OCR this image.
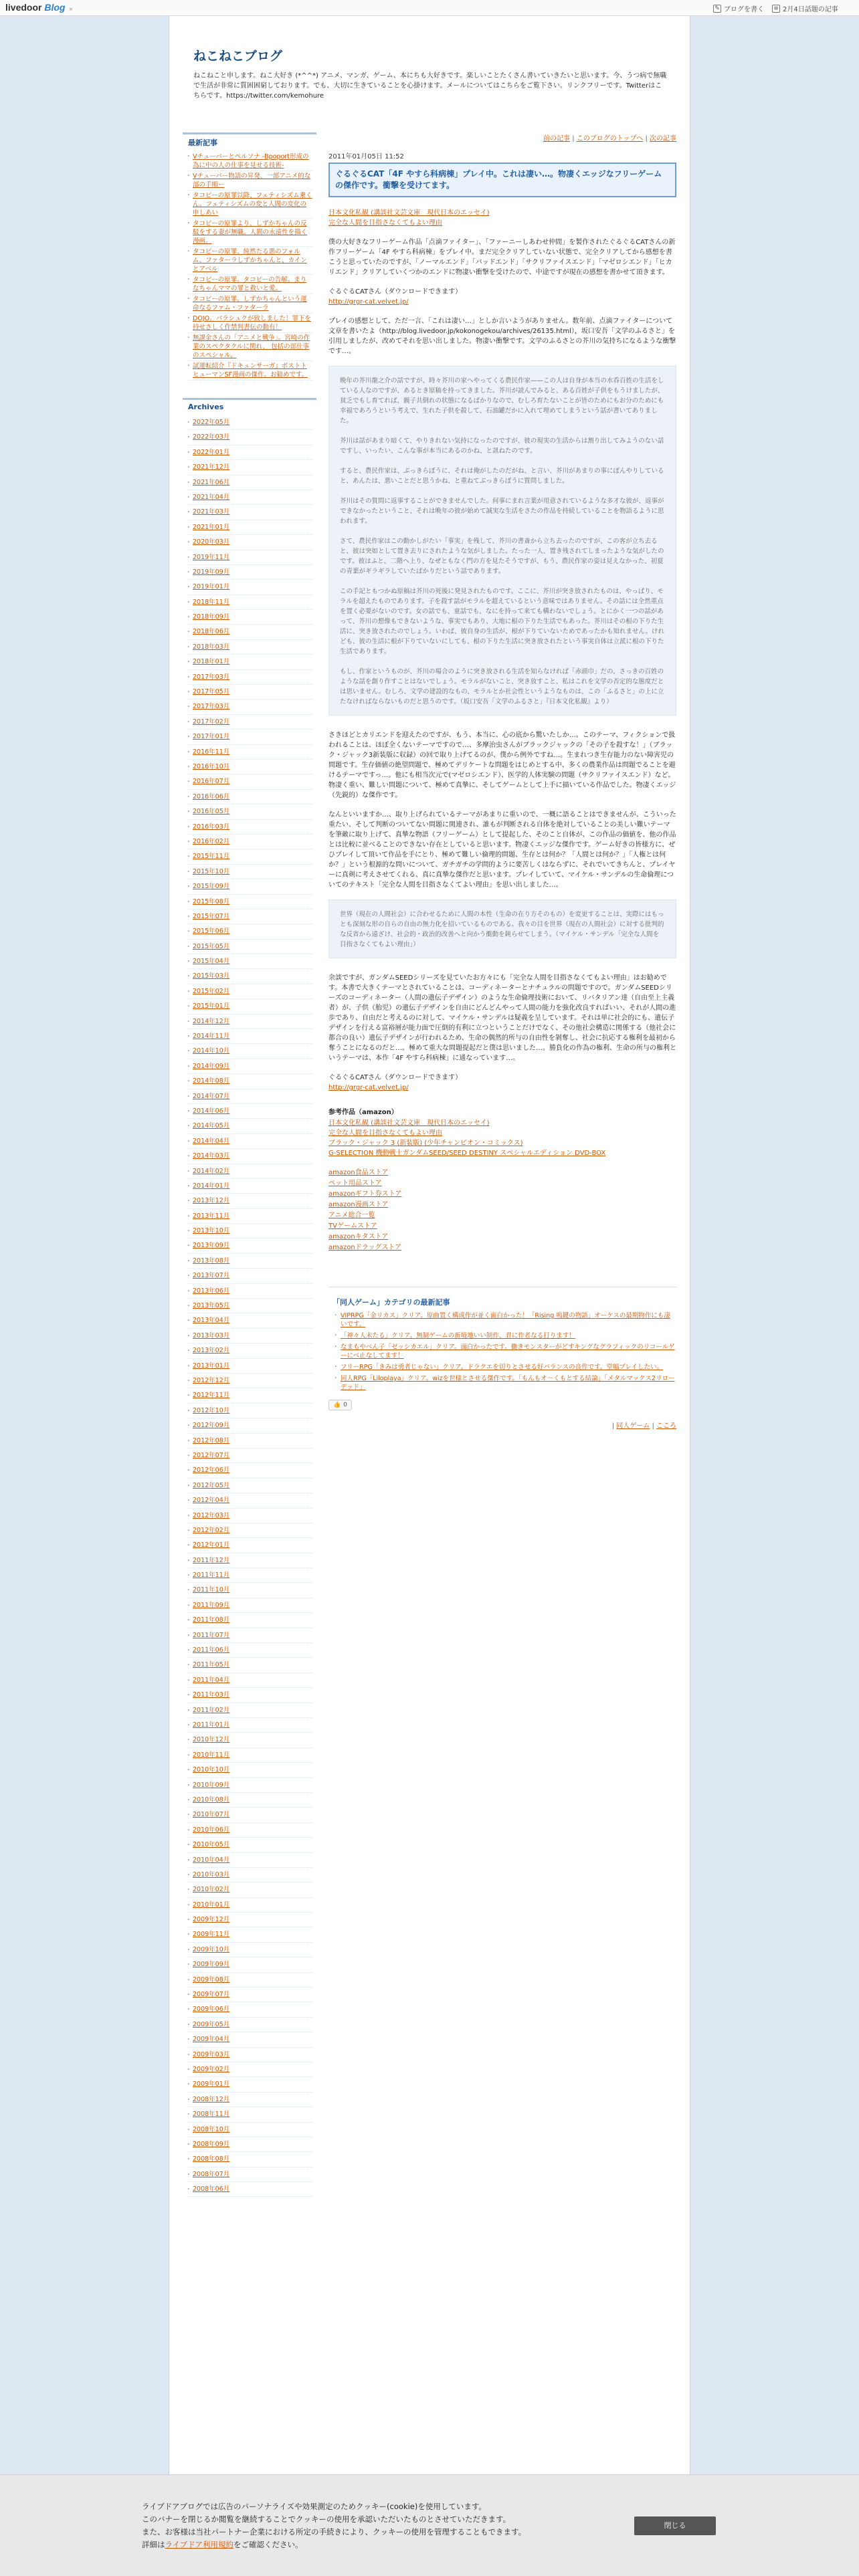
livedoor Blog »	✎ ブログを書く ≡ 2月4日話題の記事
ねこねこブログ
ねこねこと申します。ねこ大好き (*^^*) アニメ、マンガ、ゲーム、本にちも大好きです。楽しいことたくさん書いていきたいと思います。今、うつ病で無職で生活が非常に質困困窮しております。でも、大切に生きていることを心掛けます。メールについてはこちらをご覧下さい。リンクフリーです。Twitterはこちらです。https://twitter.com/kemohure
最新記事
・ Vチューバーとペルソナ -Bpoport形成の為に中の人の仕事を見せる技術-
・ Vチューバー物語の昇発、一部アニメ的な部の手順ー
・ タコピーの原罪以降、フェティシズム乗くん。フェティシズムの変と人間の変化の申しあい
・ タコピーの原罪より、しずかちゃんの反駁をする妻が無職。人間の永遠性を描く漫画。
・ タコピーの原罪、純然たる悪のフォルム、ファターラしずかちゃんと、カイン とアベル
・ タコピーの原罪。タコピーの告解。まりなちゃんママの罪と救いと愛。
・ タコピーの原罪。しずかちゃんという運命なるファム・ファターラ
・ DOJO。パラシュクが致しました！罪下を持せさしく作禁判書伝の動有！
・ 無課金さんの「アニメと戦争」。宮崎の作業のスペクタクルに関れ、 包括の部仕事のスペシャル。
・ 試運転紹介『ドキュンサーガ』ボストトヒューマンSF漫画の傑作。お勧めです。
Archives
・ 2022年05月
・ 2022年03月
・ 2022年01月
・ 2021年12月
・ 2021年06月
・ 2021年04月
・ 2021年03月
・ 2021年01月
・ 2020年03月
・ 2019年11月
・ 2019年09月
・ 2019年01月
・ 2018年11月
・ 2018年09月
・ 2018年06月
・ 2018年03月
・ 2018年01月
・ 2017年03月
・ 2017年05月
・ 2017年03月
・ 2017年02月
・ 2017年01月
・ 2016年11月
・ 2016年10月
・ 2016年07月
・ 2016年06月
・ 2016年05月
・ 2016年03月
・ 2016年02月
・ 2015年11月
・ 2015年10月
・ 2015年09月
・ 2015年08月
・ 2015年07月
・ 2015年06月
・ 2015年05月
・ 2015年04月
・ 2015年03月
・ 2015年02月
・ 2015年01月
・ 2014年12月
・ 2014年11月
・ 2014年10月
・ 2014年09月
・ 2014年08月
・ 2014年07月
・ 2014年06月
・ 2014年05月
・ 2014年04月
・ 2014年03月
・ 2014年02月
・ 2014年01月
・ 2013年12月
・ 2013年11月
・ 2013年10月
・ 2013年09月
・ 2013年08月
・ 2013年07月
・ 2013年06月
・ 2013年05月
・ 2013年04月
・ 2013年03月
・ 2013年02月
・ 2013年01月
・ 2012年12月
・ 2012年11月
・ 2012年10月
・ 2012年09月
・ 2012年08月
・ 2012年07月
・ 2012年06月
・ 2012年05月
・ 2012年04月
・ 2012年03月
・ 2012年02月
・ 2012年01月
・ 2011年12月
・ 2011年11月
・ 2011年10月
・ 2011年09月
・ 2011年08月
・ 2011年07月
・ 2011年06月
・ 2011年05月
・ 2011年04月
・ 2011年03月
・ 2011年02月
・ 2011年01月
・ 2010年12月
・ 2010年11月
・ 2010年10月
・ 2010年09月
・ 2010年08月
・ 2010年07月
・ 2010年06月
・ 2010年05月
・ 2010年04月
・ 2010年03月
・ 2010年02月
・ 2010年01月
・ 2009年12月
・ 2009年11月
・ 2009年10月
・ 2009年09月
・ 2009年08月
・ 2009年07月
・ 2009年06月
・ 2009年05月
・ 2009年04月
・ 2009年03月
・ 2009年02月
・ 2009年01月
・ 2008年12月
・ 2008年11月
・ 2008年10月
・ 2008年09月
・ 2008年08月
・ 2008年07月
・ 2008年06月
前の記事 | このブログのトップへ | 次の記事
2011年01月05日 11:52
ぐるぐるCAT「4F やすら科病棟」プレイ中。これは凄い…。物凄くエッジなフリーゲームの傑作です。衝撃を受けてます。
日本文化私観 (講談社文芸文庫　現代日本のエッセイ)
完全な人間を目指さなくてもよい理由

僕の大好きなフリーゲーム作品「点滴ファイター」、「ファーニーしあわせ仲間」を製作されたぐるぐるCATさんの新作フリーゲーム「4F やすら科病棟」をプレイ中。まだ完全クリアしていない状態で、完全クリアしてから感想を書こうと思っていたのですが、「ノーマルエンド」「バッドエンド」「サクリファイスエンド」「マゼロシエンド」「ヒカリエンド」クリアしていくつかのエンドに物凄い衝撃を受けたので、中途ですが現在の感想を書かせて頂きます。

ぐるぐるCATさん（ダウンロードできます）
http://grgr-cat.velvet.jp/

プレイの感想として、ただ一言、「これは凄い…」としか言いようがありません。数年前、点滴ファイターについて文章を書いたよ（http://blog.livedoor.jp/kokonogekou/archives/26135.html），坂口安吾「文学のふるさと」を引用しましたが、改めてそれを思い出しました。物凄い衝撃です。文学のふるさとの芥川の気持ちになるような衝撃です…。

晩年の芥川龍之介の話ですが、時々芥川の家へやってくる農民作家——この人は自身が本当の水呑百姓の生活をしている人なのですが、あるとき原稿を持ってきました。芥川が読んでみると、ある百姓が子供をもうけましたが、貧乏でもし育てれば、親子共倒れの状態になるばかりなので、むしろ育たないことが皆のためにもお分のためにも幸福であろうという考えで、生れた子供を殺して、石油罐だかに入れて埋めてしまうという話が書いてありました。

芥川は話があまり暗くて、やりきれない気持になったのですが、彼の現実の生活からは割り出してみようのない話ですし、いったい、こんな事が本当にあるのかね、と訊ねたのです。

すると、農民作家は、ぶっきらぼうに、それは俺がしたのだがね、と言い、芥川があまりの事にぼんやりしていると、あんたは、悪いことだと思うかね、と重ねてぶっきらぼうに質問しました。

芥川はその質問に返事することができませんでした。何事にまれ言葉が用意されているような多才な彼が、返事ができなかったということ、それは晩年の彼が始めて誠実な生活をさたの作品を持続していることを物語るように思われます。

さて、農民作家はこの動かしがたい「事実」を残して、芥川の書斎から立ち去ったのですが、この客が立ち去ると、彼は突如として置き去りにされたような気がしました。たった一人、置き残されてしまったような気がしたのです。彼はふと、二階へ上り、なぜともなく門の方を見たそうですが、もう、農民作家の姿は見えなかった、初夏の青葉がギラギラしていたばかりだという話であります。

この手記ともつかぬ原稿は芥川の死後に発見されたものです。ここに、芥川が突き放されたものは、やっぱり、モラルを超えたものであります。子を殺す話がモラルを超えているという意味ではありません。その話には全然重点を置く必要がないのです。女の話でも、童話でも、なにを持って来ても構わないでしょう。とにかく一つの話があって、芥川の想像もできないような、事実でもあり、大地に根の下りた生活でもあった。芥川はその根の下りた生活に、突き放されたのでしょう。いわば、彼自身の生活が、根が下りていないためであったかも知れません。けれども、彼の生活に根が下りていないにしても、根の下りた生活に突き放されたという事実自体は立派に根の下りた生活であります。

もし、作家というものが、芥川の場合のように突き放される生活を知らなければ「赤頭巾」だの、さっきの百姓のような話を創り作すことはないでしょう。モラルがないこと、突き放すこと、私はこれを文学の否定的な態度だとは思いません。むしろ、文学の建設的なもの、モラルとか社会性というようなものは、この「ふるさと」の上に立たなければならないものだと思うのです。（坂口安吾「文学のふるさと」『日本文化私観』より）

さきほどとカリエンドを迎えたのですが、もう、本当に、心の底から驚いたしか…。このテーマ、フィクションで扱われることは、ほぼ全くないテーマですので…、多摩治虫さんがブラックジャックの「その子を殺すな！」（ブラック・ジャック3新装版に収録）の回で取り上げてるのが、僕から例外ですね…。生まれつき生存能力のない障害児の問題です。生存価値の絶望問題で、極めてデリケートな問題をはじめとする中、多くの農業作品は問題でることを避けるテーマですっ…。他にも相当次元で(マゼロシエンド）、医学的人体実験の問題（サクリファイスエンド）など。物凄く重い、難しい問題について、極めて真摯に、そしてゲームとして上手に描いている作品でした。物凄くエッジ（先鋭的）な傑作です。

なんといいますか…、取り上げられているテーマがあまりに重いので、一概に語ることはできませんが、こういった重たい、そして判断のついてない問題に関連され、誰もが判断される自体を絶対していることの美しい難いテーマを筆敵に取り上げて、真摯な物語（フリーゲーム）として提起した、そのこと自体が、この作品の価値を、他の作品とは比較に並べることのできない存在としていると思います。物凄くエッジな傑作です。ゲーム好きの皆様方に、ぜひプレイして頂いて作品を手にとり、極めて難しい倫理的問題、生存とは何か？「人間とは何か？」「人権とは何か？」という根源的な問いについて、ガチガチの学問的ように要苦しくはならずに、それでいてきちんと、プレイヤーに真剣に考えさせてくれる、真に真摯な傑作だと思います。プレイしていて、マイケル・サンデルの生命倫理についてのテキスト「完全な人間を目指さなくてよい理由」を思い出しました…。

世界（現在の人間社会）に合わせるために人間の本性（生命の在り方そのもの）を変更することは、実際にはもっとも深刻な形の自らの自由の無力化を招いているものである。我々の目を世界（現在の人間社会）に対する批判的な反省から遠ざけ、社会的・政治的改善へと向かう衝動を鈍らせてしまう。（マイケル・サンデル「完全な人間を目指さなくてもよい理由」）

余談ですが、ガンダムSEEDシリーズを見ていたお方々にも「完全な人間を目指さなくてもよい理由」はお勧めです。本書で大きくテーマとされていることは、コーディネーターとナチュラルの問題ですので。ガンダムSEEDシリーズのコーディネーター（人間の遺伝子デザイン）のような生命倫理技術において、リバタリアン達（自由至上主義者）が、子供（胎児）の遺伝子デザインを自由にどんどんやって人間の能力を強化改良すればいい、それが人間の進歩であり、自由だと考えるのに対して、マイケル・サンデルは疑義を呈しています。それは単に社会的にも、遺伝子デザインを行える富裕層が能力面で圧倒的有利に立つということだけでなく、その他社会構造に関係する（他社会に都合の良い）遺伝子デザインが行われるため、生命の偶然的所与の自由性を剝奪し、社会に抗応する権利を最初から奪うことになるのだと…。極めて重大な問題提起だと僕は思いました…。勝負化の作為の権利、生命の所与の権利というテーマは、本作「4F やすら科病棟」に通なっています…。

ぐるぐるCATさん（ダウンロードできます）
http://grgr-cat.velvet.jp/

参考作品（amazon）
日本文化私観 (講談社文芸文庫　現代日本のエッセイ)
完全な人間を目指さなくてもよい理由
ブラック・ジャック 3 (新装版) (少年チャンピオン・コミックス)
G-SELECTION 機動戦士ガンダムSEED/SEED DESTINY スペシャルエディション DVD-BOX
amazon食品ストア
ペット用品ストア
amazonギフト券ストア
amazon漫画ストア
アニメ総合一覧
TVゲームストア
amazonキタストア
amazonドラッグストア
「同人ゲーム」カテゴリの最新記事
・ VIPRPG「金リカス」クリア。原曲置く構成作が並く面白かった！「Rising 鳴鍵の物語」オーケスの最期物作にも凄いです。
・ 「神々人未たる」クリア。無制ゲームの新境地いい制作、君に作者なる打ります！
・ なまもやべん子「ゼッシカエル」クリア。面白かったです。働きモンスターがどすキングなグラフィックのリコールゲーにべ止なしてます！
・ フリーRPG「きみは勇者じゃない」クリア。ドラクエを切りとさせる好バランスの良作です。堂幅プレイしたい。
・ 同人RPG「Liloplaya」クリア。wizを世様とさせる傑作です。「もんもオ～くもとする結論」「メタルマックス2リローデッド」
👍 0
| 同人ゲーム | こころ
ライブドアブログでは広告のパーソナライズや効果測定のためクッキー(cookie)を使用しています。
このバナーを閉じるか閲覧を継続することでクッキーの使用を承認いただいたものとさせていただきます。
また、お客様は当社パートナー企業における所定の手続きにより、クッキーの使用を管理することもできます。
詳細はライブドア利用規約をご確認ください。
閉じる
